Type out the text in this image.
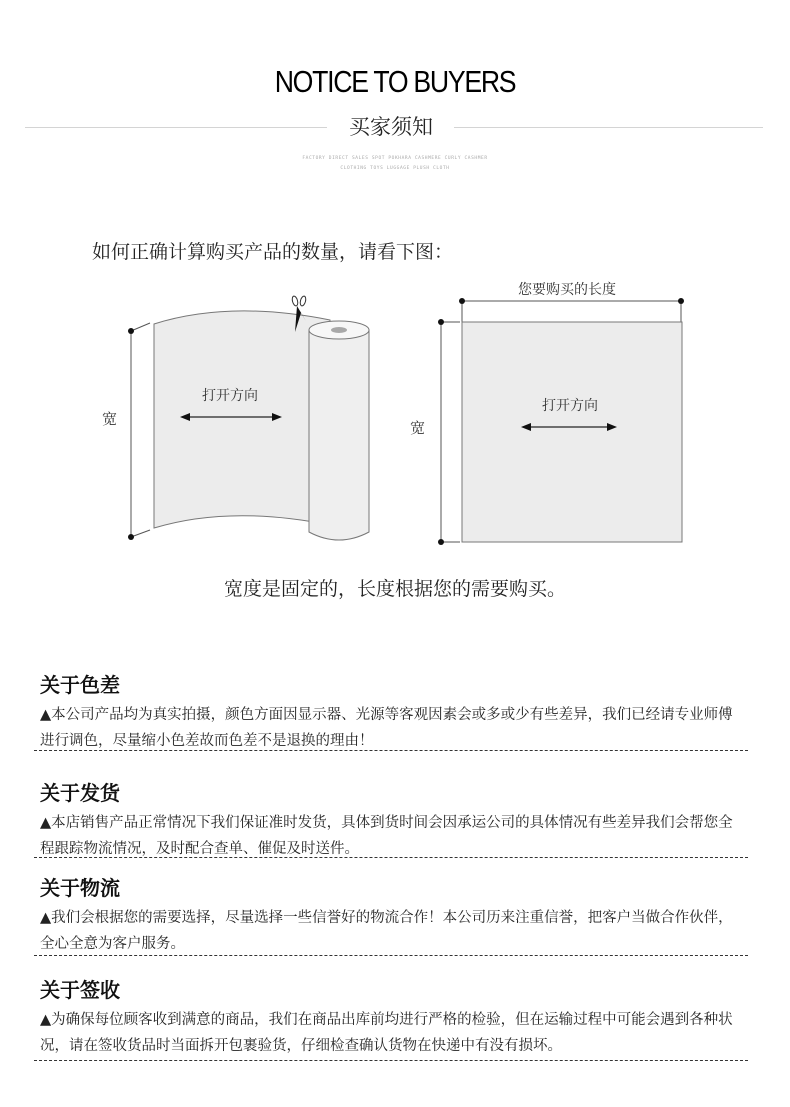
NOTICE TO BUYERS
买家须知
FACTORY DIRECT SALES SPOT POKHARA CASHMERE CURLY CASHMER
CLOTHING TOYS LUGGAGE PLUSH CLOTH
如何正确计算购买产品的数量，请看下图：
宽
打开方向
您要购买的长度
宽
打开方向
宽度是固定的，长度根据您的需要购买。
关于色差

▲本公司产品均为真实拍摄，颜色方面因显示器、光源等客观因素会或多或少有些差异，我们已经请专业师傅进行调色，尽量缩小色差故而色差不是退换的理由！

关于发货

▲本店销售产品正常情况下我们保证准时发货，具体到货时间会因承运公司的具体情况有些差异我们会帮您全程跟踪物流情况，及时配合查单、催促及时送件。

关于物流

▲我们会根据您的需要选择，尽量选择一些信誉好的物流合作！本公司历来注重信誉，把客户当做合作伙伴，全心全意为客户服务。

关于签收

▲为确保每位顾客收到满意的商品，我们在商品出库前均进行严格的检验，但在运输过程中可能会遇到各种状况，请在签收货品时当面拆开包裹验货，仔细检查确认货物在快递中有没有损坏。
